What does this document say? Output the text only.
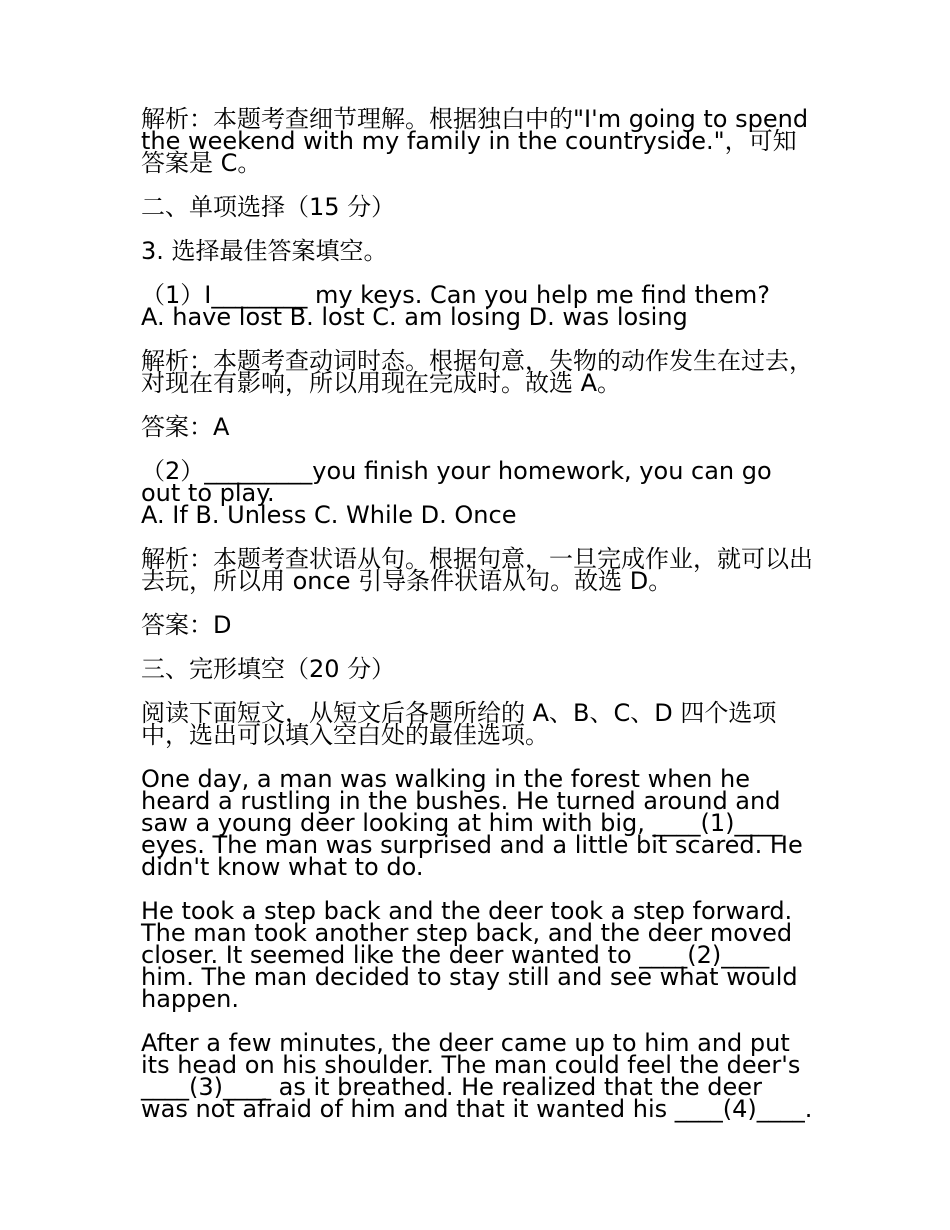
解析：本题考查细节理解。根据独白中的"I'm going to spend the weekend with my family in the countryside."，可知答案是 C。

二、单项选择（15 分）

3. 选择最佳答案填空。

（1）I________ my keys. Can you help me find them?
A. have lost B. lost C. am losing D. was losing

解析：本题考查动词时态。根据句意，失物的动作发生在过去，对现在有影响，所以用现在完成时。故选 A。

答案：A

（2）_________you finish your homework, you can go out to play.
A. If B. Unless C. While D. Once

解析：本题考查状语从句。根据句意，一旦完成作业，就可以出去玩，所以用 once 引导条件状语从句。故选 D。

答案：D

三、完形填空（20 分）

阅读下面短文，从短文后各题所给的 A、B、C、D 四个选项中，选出可以填入空白处的最佳选项。

One day, a man was walking in the forest when he heard a rustling in the bushes. He turned around and saw a young deer looking at him with big, ____(1)____ eyes. The man was surprised and a little bit scared. He didn't know what to do.

He took a step back and the deer took a step forward. The man took another step back, and the deer moved closer. It seemed like the deer wanted to ____(2)____ him. The man decided to stay still and see what would happen.

After a few minutes, the deer came up to him and put its head on his shoulder. The man could feel the deer's ____(3)____ as it breathed. He realized that the deer was not afraid of him and that it wanted his ____(4)____.
